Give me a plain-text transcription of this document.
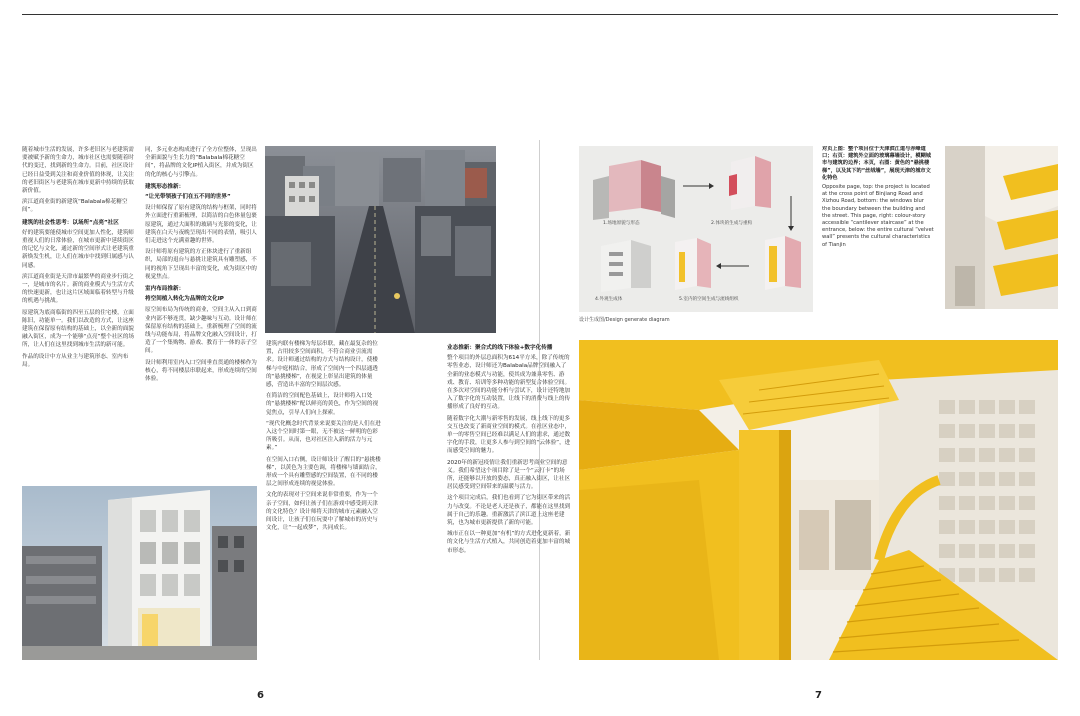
随着城市生活的发展，许多老旧区与老建筑需要被赋予新的生命力，城市社区也需要随着时代的变迁，找到新的生命力。目前，社区设计已经日益受到关注和商业价值的体现，让关注的老旧街区与老建筑在城市更新中持续的获取新价值。

滨江道商业街的新建筑“Balabala棉花糖空间”。

建筑的社会性思考：以场所“点亮”社区

好的建筑要能使城市空间更加人性化，建筑师重视人们的日常体验，在城市更新中延续街区的记忆与文化，通过新的空间形式让老建筑重新焕发生机，让人们在城市中找到归属感与认同感。

滨江道商业街是天津市最繁华的商业步行街之一，是城市的名片。新的商业模式与生活方式的快速更新，也让这片区域面临着转型与升级的机遇与挑战。

原建筑为底商临街的四至五层的住宅楼，立面陈旧，功能单一。我们以改造的方式，让这座建筑在保留原有结构的基础上，以全新的面貌融入街区，成为一个能够“点亮”整个社区的场所，让人们在这里找到城市生活的新可能。

作品的设计中方从业主与建筑形态、室内布局。

同，多元业态构成进行了全方位整体，呈现出全新面貌与生长力的“Balabala棉花糖空间”，将品牌的文化IP植入街区，并成为街区的化的核心与引擎点。

建筑形态推新：

“让光带领孩子们在五不同的世界”

设计师保留了原有建筑的结构与框架，同时将外立面进行重新梳理，以简洁的白色体量包裹原建筑，通过大面积的玻璃与光影的变化，让建筑在白天与夜晚呈现出不同的表情，吸引人们走进这个充满童趣的世界。

设计师将原有建筑的方正体块进行了重新组织，局部的退台与悬挑让建筑具有雕塑感，不同的视角下呈现出丰富的变化，成为街区中的视觉焦点。

室内布局推新：

将空间植入转化为品牌的文化IP

原空间布局为传统的商业，空间主从入口到商业内部不够连贯，缺少趣味与互动。设计师在保留原有结构的基础上，重新梳理了空间的流线与功能布局，将品牌文化融入空间设计，打造了一个集购物、游戏、教育于一体的亲子空间。

设计师利用室内入口空间垂直贯通的楼梯作为核心，将不同楼层串联起来，形成连续的空间体验。

建筑内联有楼梯为每层串联，藏在最复杂的位置，占用较多空间面积，不符合商业引流需求。设计师通过结构的方式与结构设计，使楼梯与中庭相结合，形成了空间内一个四层通透的“悬挑楼梯”，在视觉上彰显出建筑的体量感，营造出丰富的空间层次感。

在简洁的空间配色基础上，设计师将入口处的“悬挑楼梯”配以鲜亮的黄色，作为空间的视觉焦点，引导人们向上探索。

“现代化概念时代背景来说要关注的是人们在进入这个空间时第一眼，无不被这一鲜明的色彩所吸引。从而，也对社区注入新的活力与元素。”

在空间入口右侧，设计师设计了醒目的“悬挑楼梯”，以黄色为主要色调，将楼梯与墙面结合，形成一个具有雕塑感的空间装置，在不同的楼层之间形成连续的视觉体验。

文化的表现对于空间来说非常重要，作为一个亲子空间，如何让孩子们在游戏中感受到天津的文化特色？设计师将天津的城市元素融入空间设计，让孩子们在玩耍中了解城市的历史与文化，让“一起成梦”，共同成长。

6
1.场地原貌与形态	2.体块的生成与重构
4.外观生成体	5.室内的空间生成与流线组织
设计生成图/Design generate diagram
对页上图：整个项目位于天津滨江道与赤峰道口；右页：建筑外立面的玻璃幕墙设计，模糊城市与建筑的边界；本页，右图：黄色的“悬挑楼梯”，以及其下的“丝绒墙”，展现天津的城市文化特色
Opposite page, top: the project is located at the cross point of Binjiang Road and Xizhou Road, bottom: the windows blur the boundary between the building and the street. This page, right: colour-story accessible “cantilever staircase” at the entrance, below: the entire cultural “velvet wall” presents the cultural characteristics of Tianjin

业态推新：聚合式的线下体验+数字化传播

整个项目的外层总面积为614平方米，除了传统的零售业态，设计师还为Balabala品牌空间融入了全新的业态模式与功能，使其成为兼具零售、游戏、教育、培训等多种功能的新型复合体验空间。在多次对空间的功能分析与尝试下，设计还特地加入了数字化的互动装置，让线下的消费与线上的传播形成了良好的互动。

随着数字化大潮与新零售的发展，线上线下的更多交互也改变了新商业空间的模式。在社区业态中，单一的零售空间已经难以满足人们的需求，通过数字化的手段，让更多人参与到空间的“云体验”，进而感受空间的魅力。

2020年的新冠疫情让我们重新思考商业空间的意义。我们希望这个项目除了是一个“云打卡”的场所，还能够以开放的姿态，真正融入街区，让社区居民感受到空间带来的温暖与活力。

这个项目完成后，我们也看到了它为街区带来的活力与改变。不论是老人还是孩子，都能在这里找到属于自己的乐趣。重新激活了滨江道上这座老建筑，也为城市更新提供了新的可能。

城市正在以一种更加“有机”的方式进化更新着，新的文化与生活方式植入，共同创造着更加丰富的城市形态。

7
